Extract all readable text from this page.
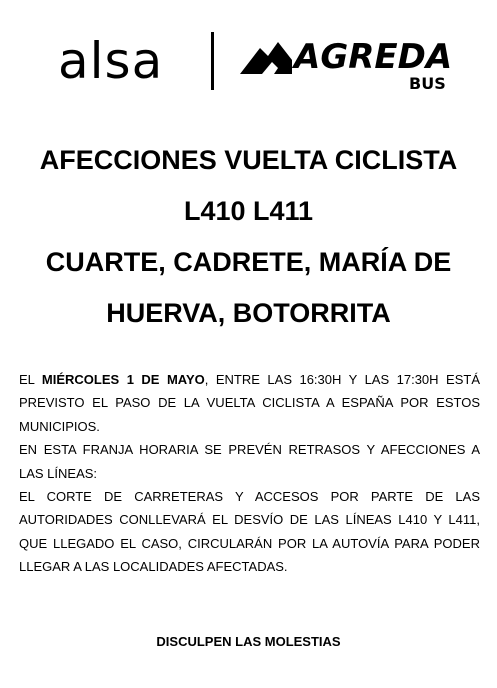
alsa	AGREDA
BUS
AFECCIONES VUELTA CICLISTA
L410 L411
CUARTE, CADRETE, MARÍA DE
HUERVA, BOTORRITA
EL MIÉRCOLES 1 DE MAYO, ENTRE LAS 16:30H Y LAS 17:30H ESTÁ
PREVISTO EL PASO DE LA VUELTA CICLISTA A ESPAÑA POR ESTOS
MUNICIPIOS.
EN ESTA FRANJA HORARIA SE PREVÉN RETRASOS Y AFECCIONES A
LAS LÍNEAS:
EL CORTE DE CARRETERAS Y ACCESOS POR PARTE DE LAS
AUTORIDADES CONLLEVARÁ EL DESVÍO DE LAS LÍNEAS L410 Y L411,
QUE LLEGADO EL CASO, CIRCULARÁN POR LA AUTOVÍA PARA PODER
LLEGAR A LAS LOCALIDADES AFECTADAS.
DISCULPEN LAS MOLESTIAS
